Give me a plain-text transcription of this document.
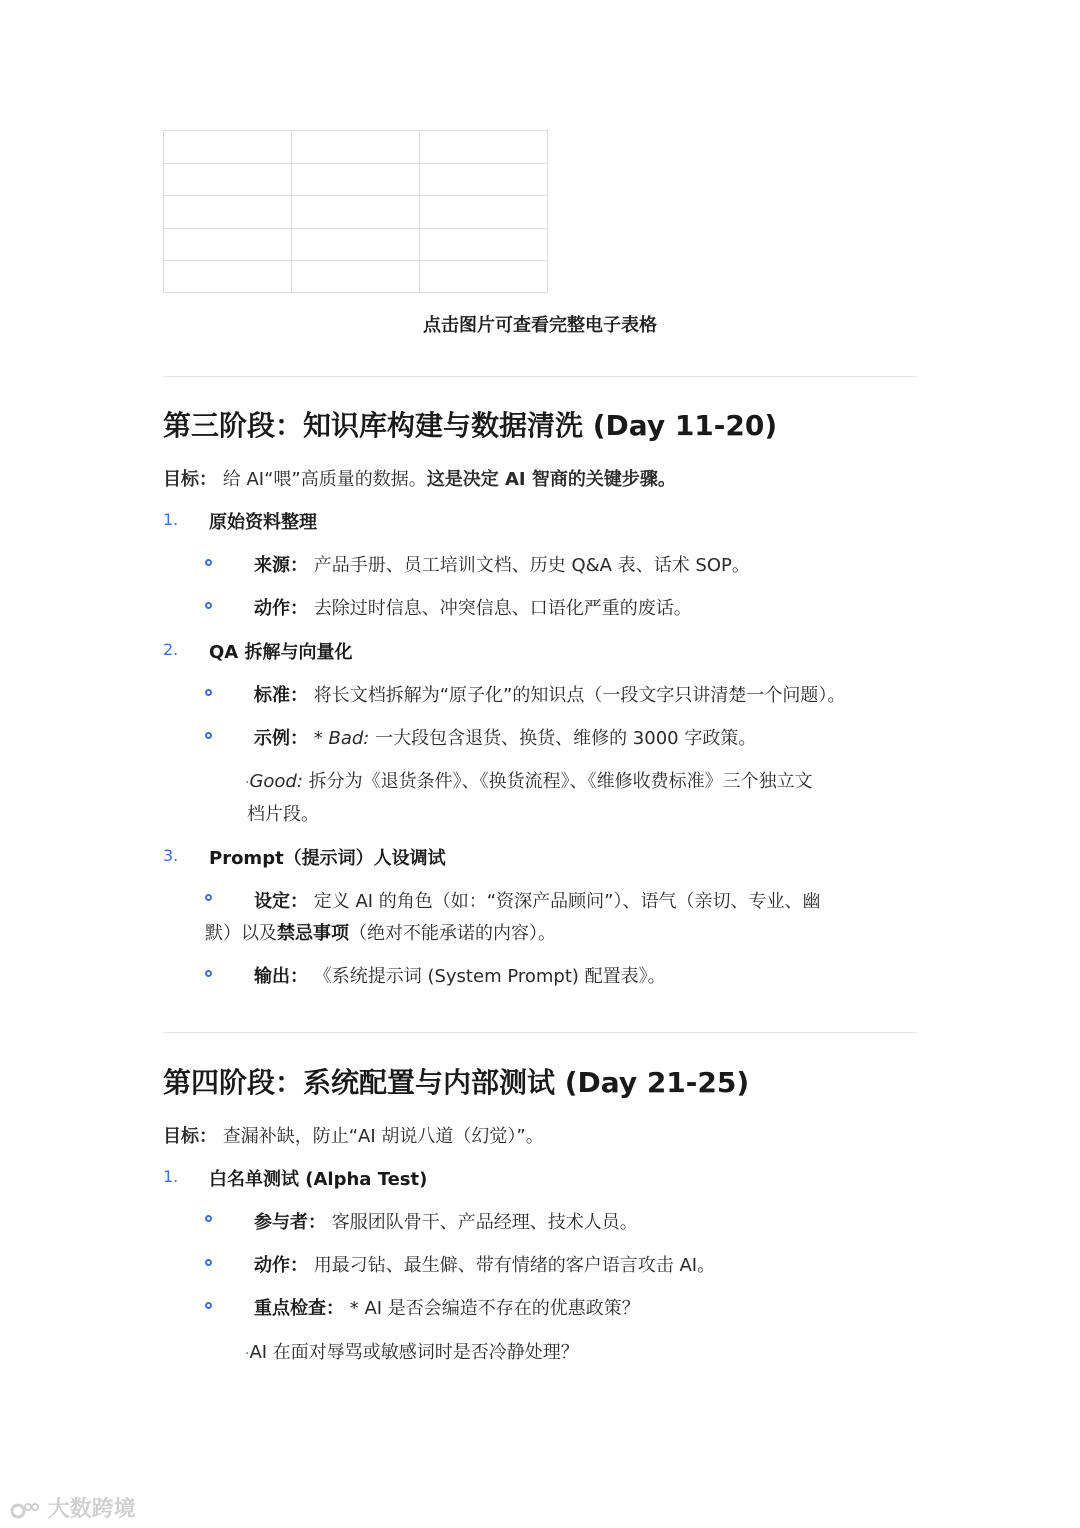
点击图片可查看完整电子表格
第三阶段：知识库构建与数据清洗 (Day 11-20)
目标： 给 AI“喂”高质量的数据。这是决定 AI 智商的关键步骤。
1. 原始资料整理
来源： 产品手册、员工培训文档、历史 Q&A 表、话术 SOP。
动作： 去除过时信息、冲突信息、口语化严重的废话。
2. QA 拆解与向量化
标准： 将长文档拆解为“原子化”的知识点（一段文字只讲清楚一个问题）。
示例： * Bad: 一大段包含退货、换货、维修的 3000 字政策。
·Good: 拆分为《退货条件》、《换货流程》、《维修收费标准》三个独立文
档片段。
3. Prompt（提示词）人设调试
设定： 定义 AI 的角色（如：“资深产品顾问”）、语气（亲切、专业、幽
默）以及禁忌事项（绝对不能承诺的内容）。
输出： 《系统提示词 (System Prompt) 配置表》。
第四阶段：系统配置与内部测试 (Day 21-25)
目标： 查漏补缺，防止“AI 胡说八道（幻觉）”。
1. 白名单测试 (Alpha Test)
参与者： 客服团队骨干、产品经理、技术人员。
动作： 用最刁钻、最生僻、带有情绪的客户语言攻击 AI。
重点检查： * AI 是否会编造不存在的优惠政策？
·AI 在面对辱骂或敏感词时是否冷静处理？
大数跨境
